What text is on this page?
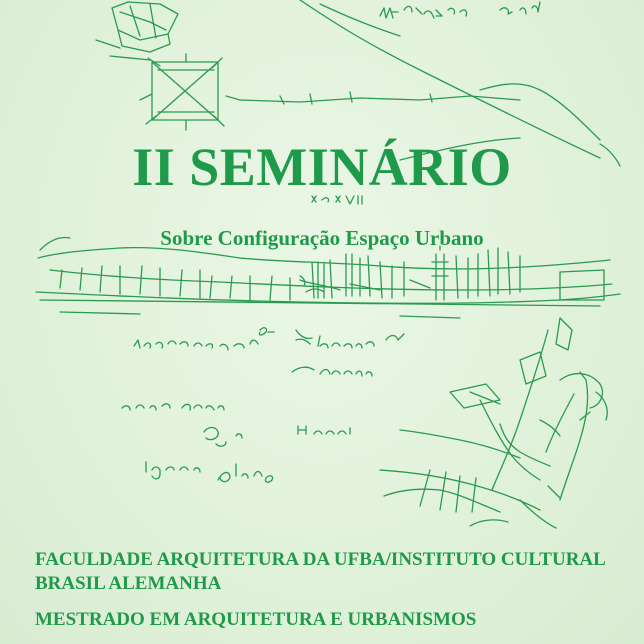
II SEMINÁRIO
Sobre Configuração Espaço Urbano
FACULDADE ARQUITETURA DA UFBA/INSTITUTO CULTURAL
BRASIL ALEMANHA
MESTRADO EM ARQUITETURA E URBANISMOS
